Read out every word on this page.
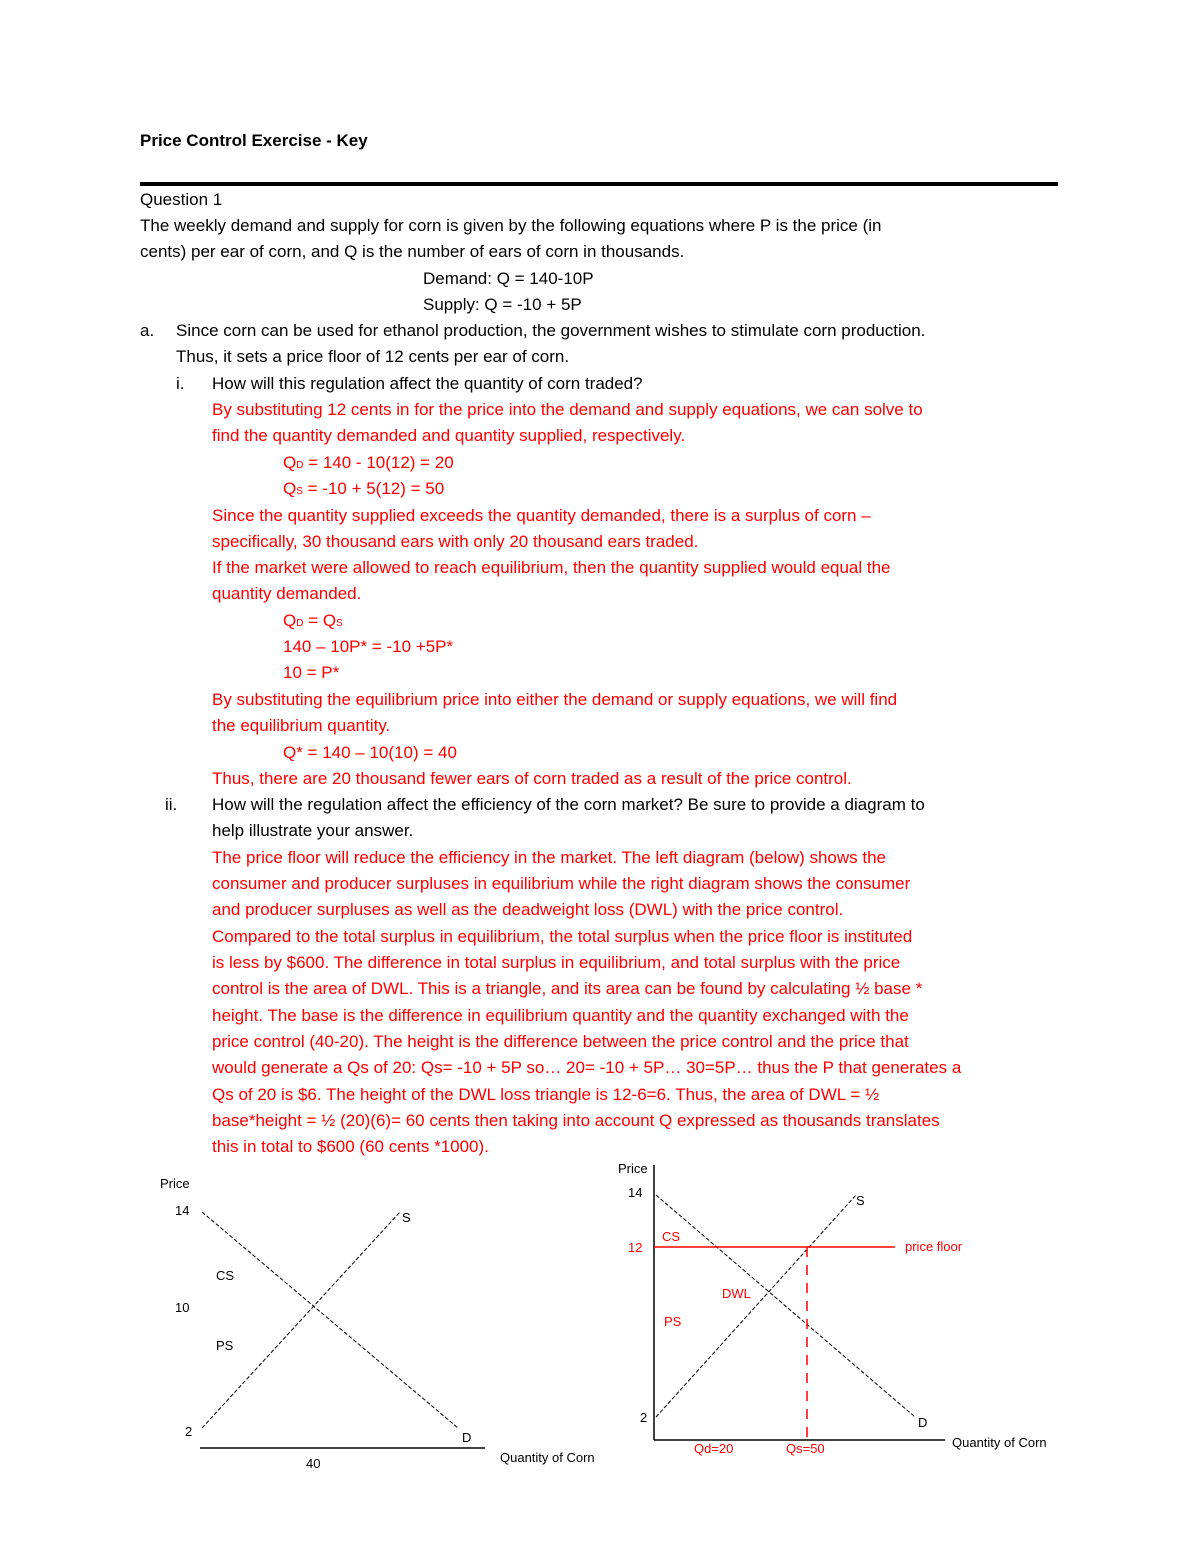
Price Control Exercise - Key
Question 1
The weekly demand and supply for corn is given by the following equations where P is the price (in
cents) per ear of corn, and Q is the number of ears of corn in thousands.
Demand: Q = 140-10P
Supply: Q = -10 + 5P
a. Since corn can be used for ethanol production, the government wishes to stimulate corn production.
Thus, it sets a price floor of 12 cents per ear of corn.
i. How will this regulation affect the quantity of corn traded?
By substituting 12 cents in for the price into the demand and supply equations, we can solve to
find the quantity demanded and quantity supplied, respectively.
QD = 140 - 10(12) = 20
QS = -10 + 5(12) = 50
Since the quantity supplied exceeds the quantity demanded, there is a surplus of corn –
specifically, 30 thousand ears with only 20 thousand ears traded.
If the market were allowed to reach equilibrium, then the quantity supplied would equal the
quantity demanded.
QD = QS
140 – 10P* = -10 +5P*
10 = P*
By substituting the equilibrium price into either the demand or supply equations, we will find
the equilibrium quantity.
Q* = 140 – 10(10) = 40
Thus, there are 20 thousand fewer ears of corn traded as a result of the price control.
ii. How will the regulation affect the efficiency of the corn market? Be sure to provide a diagram to
help illustrate your answer.
The price floor will reduce the efficiency in the market. The left diagram (below) shows the
consumer and producer surpluses in equilibrium while the right diagram shows the consumer
and producer surpluses as well as the deadweight loss (DWL) with the price control.
Compared to the total surplus in equilibrium, the total surplus when the price floor is instituted
is less by $600. The difference in total surplus in equilibrium, and total surplus with the price
control is the area of DWL. This is a triangle, and its area can be found by calculating ½ base *
height. The base is the difference in equilibrium quantity and the quantity exchanged with the
price control (40-20). The height is the difference between the price control and the price that
would generate a Qs of 20: Qs= -10 + 5P so… 20= -10 + 5P… 30=5P… thus the P that generates a
Qs of 20 is $6. The height of the DWL loss triangle is 12-6=6. Thus, the area of DWL = ½
base*height = ½ (20)(6)= 60 cents then taking into account Q expressed as thousands translates
this in total to $600 (60 cents *1000).
Price
14
10
2
S
D
CS
PS
40	Quantity of Corn
Price
14
12
2
S
D
price floor
CS
DWL
PS
Qd=20	Qs=50	Quantity of Corn
